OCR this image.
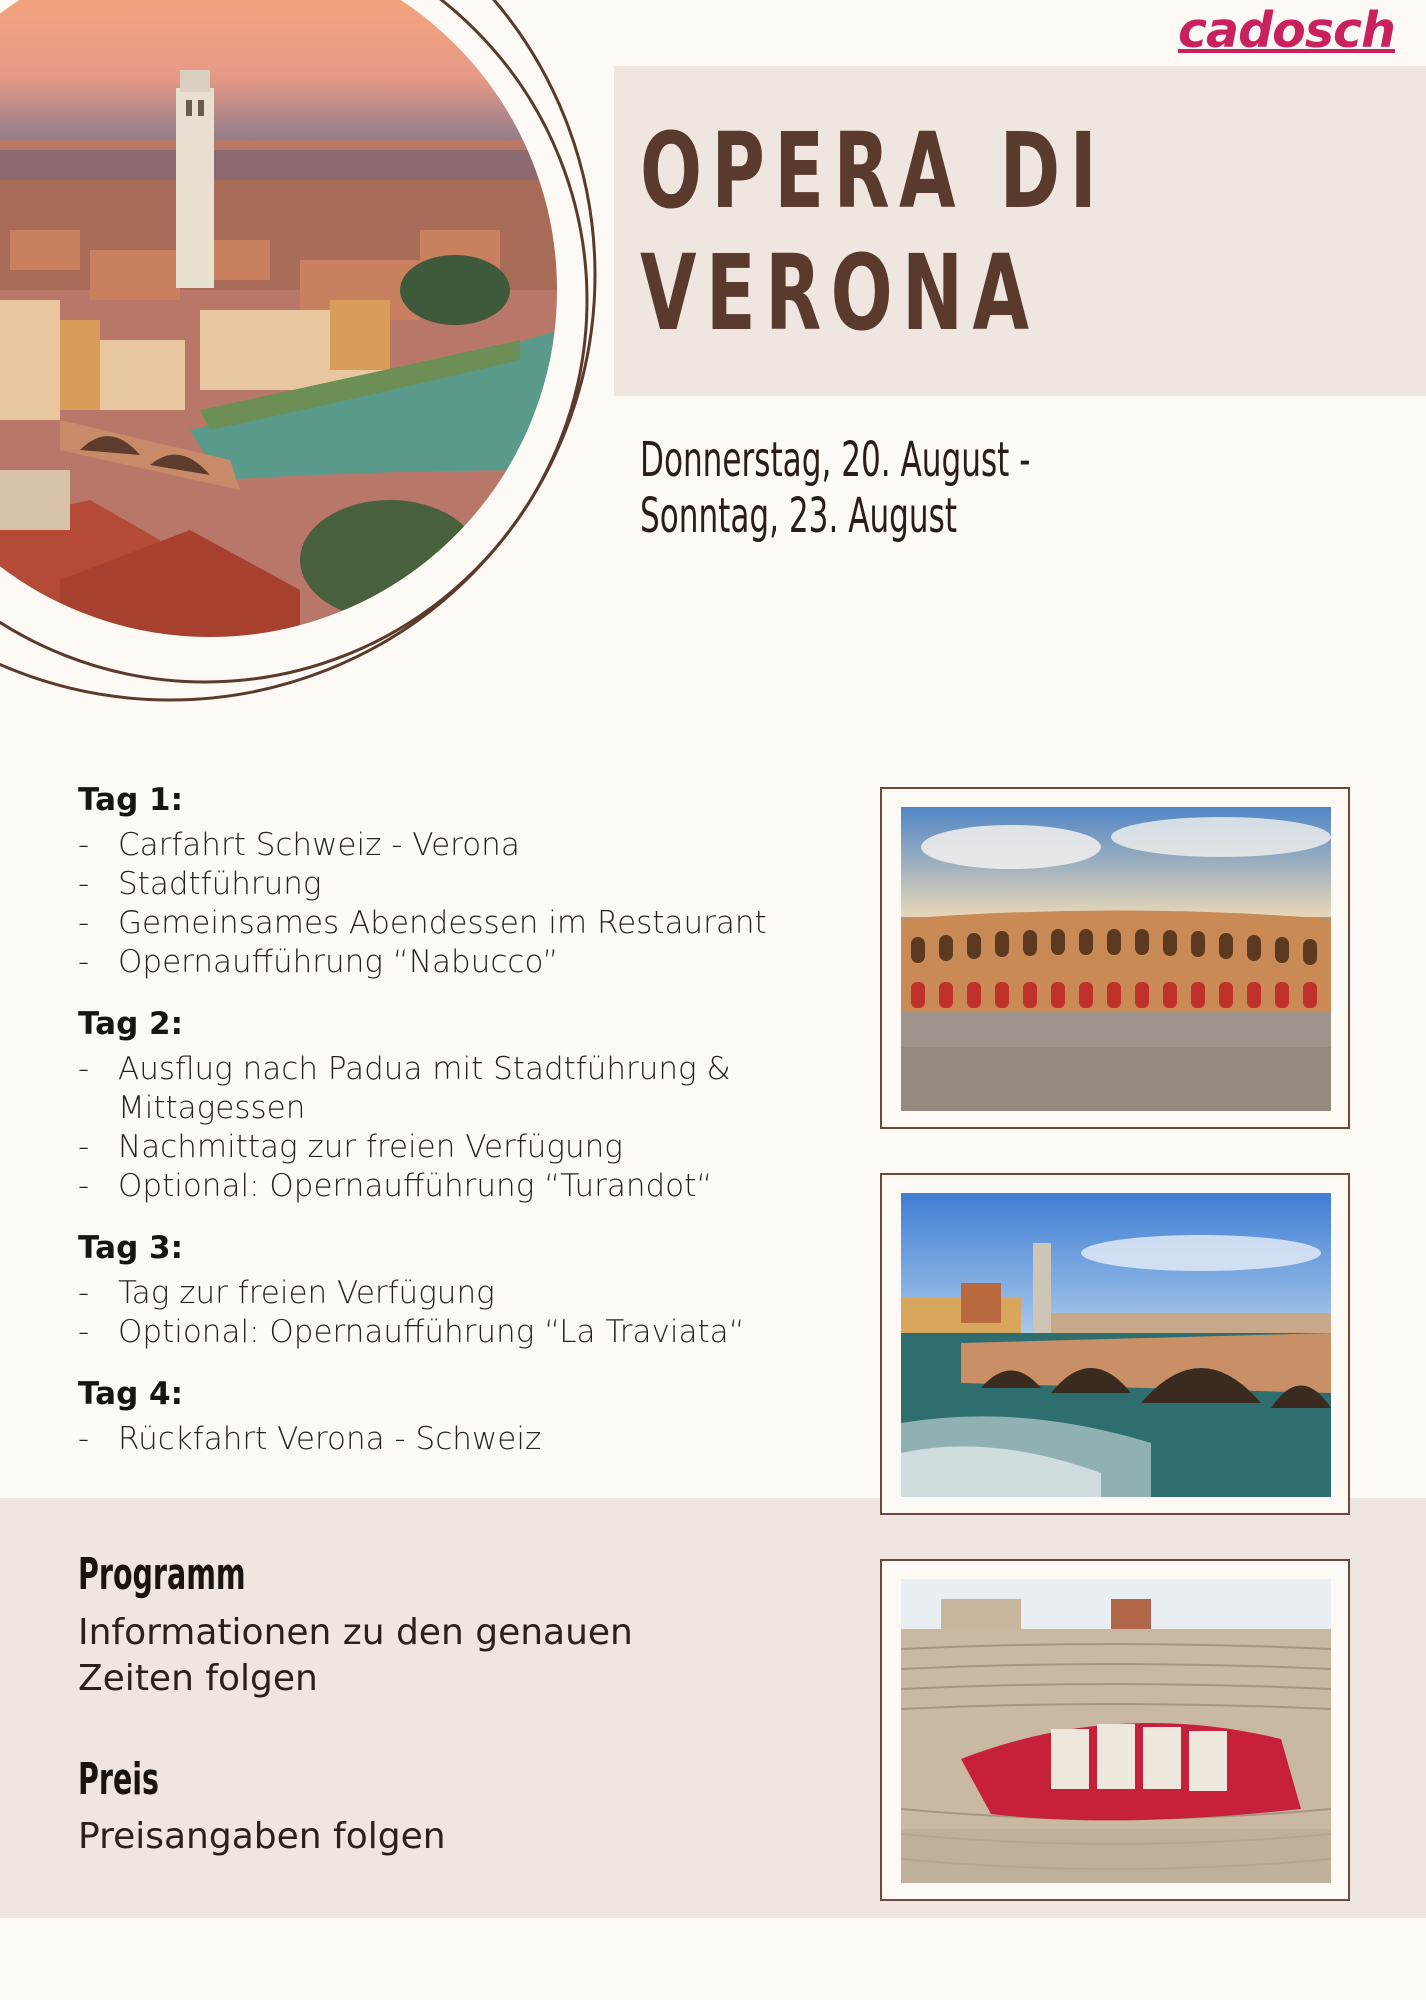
cadosch
OPERA DI
VERONA
Donnerstag, 20. August -
Sonntag, 23. August
Tag 1:
- Carfahrt Schweiz - Verona
- Stadtführung
- Gemeinsames Abendessen im Restaurant
- Opernaufführung “Nabucco”
Tag 2:
- Ausflug nach Padua mit Stadtführung & Mittagessen
- Nachmittag zur freien Verfügung
- Optional: Opernaufführung “Turandot“
Tag 3:
- Tag zur freien Verfügung
- Optional: Opernaufführung “La Traviata“
Tag 4:
- Rückfahrt Verona - Schweiz
Programm

Informationen zu den genauen Zeiten folgen

Preis

Preisangaben folgen
